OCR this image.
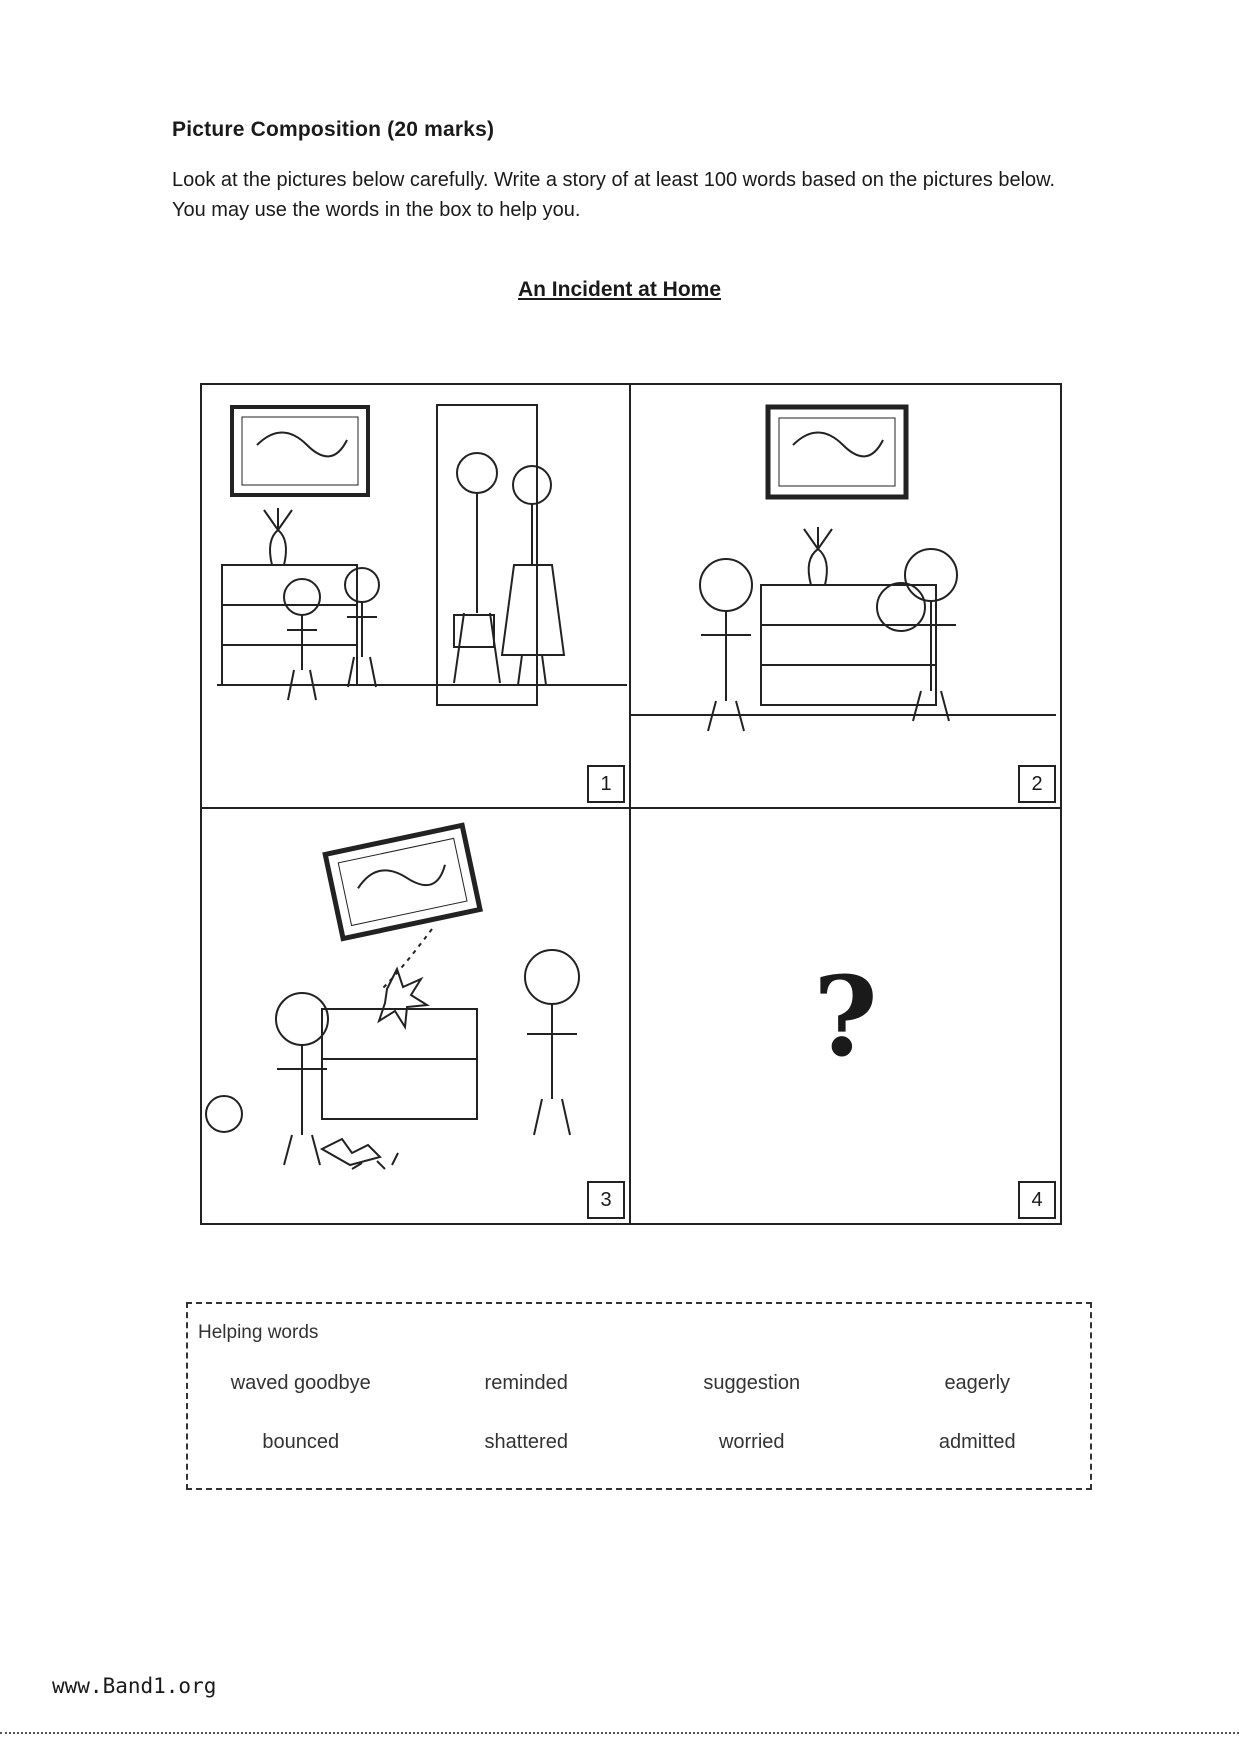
Picture Composition (20 marks)
Look at the pictures below carefully. Write a story of at least 100 words based on the pictures below. You may use the words in the box to help you.
An Incident at Home
1	2
3
?
4
Helping words
waved goodbye	reminded	suggestion	eagerly
bounced	shattered	worried	admitted
www.Band1.org
